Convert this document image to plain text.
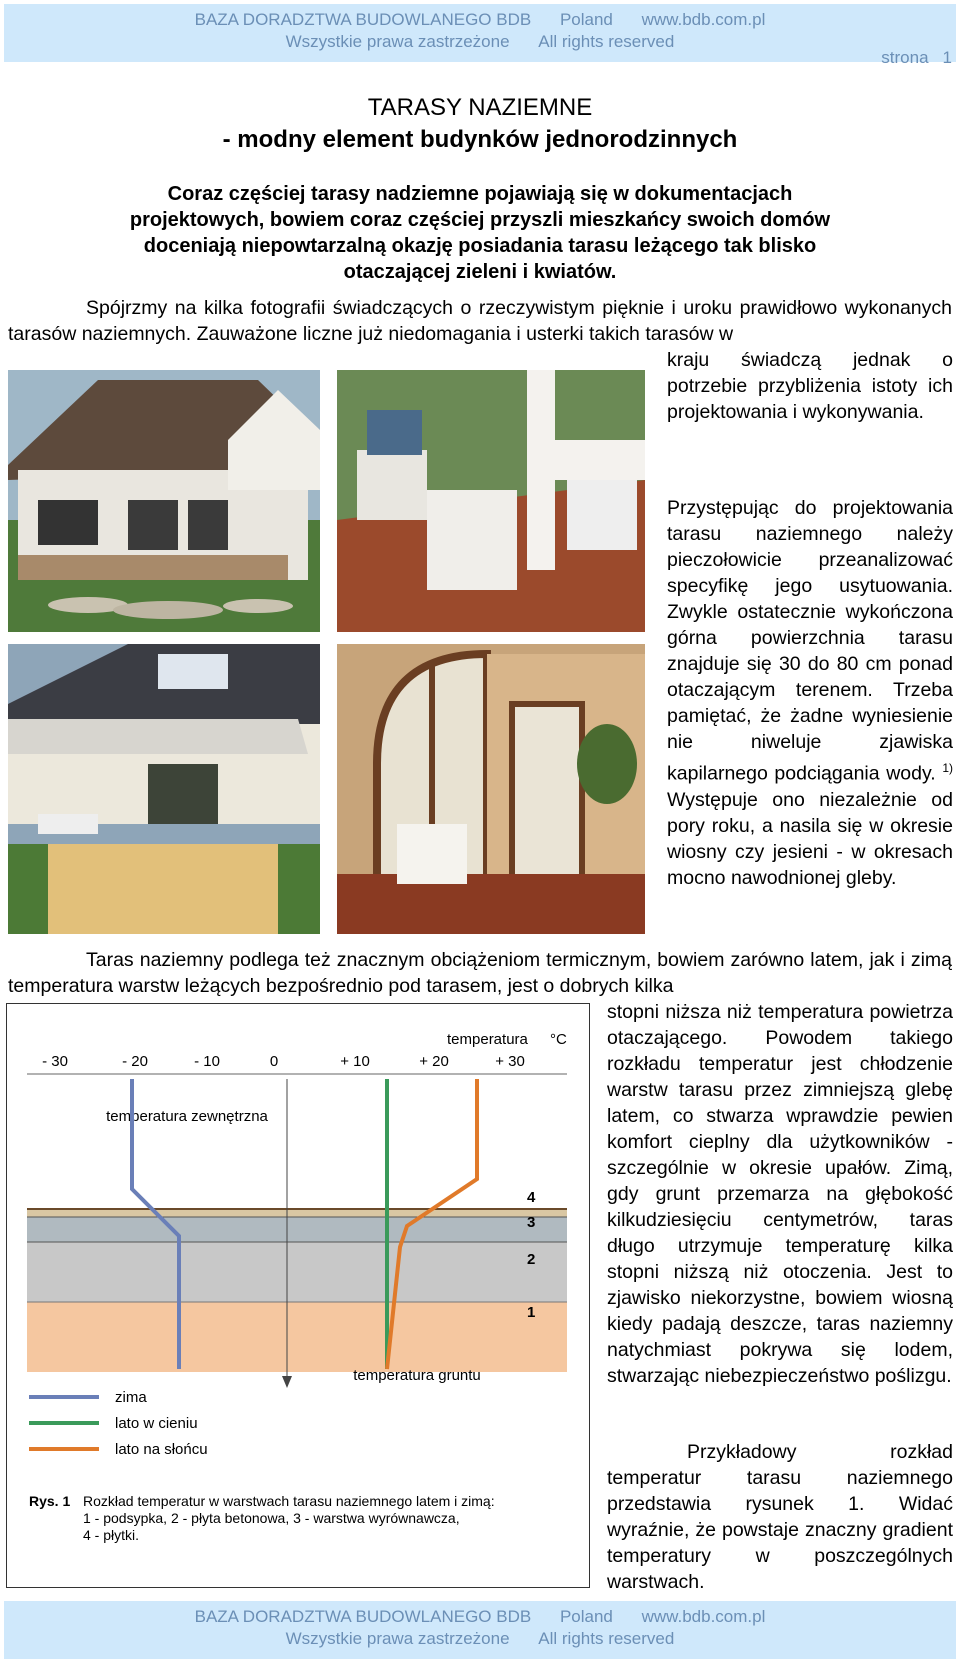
BAZA DORADZTWA BUDOWLANEGO BDB Poland www.bdb.com.pl
Wszystkie prawa zastrzeżone All rights reserved
strona 1
TARASY NAZIEMNE
- modny element budynków jednorodzinnych

Coraz częściej tarasy nadziemne pojawiają się w dokumentacjach projektowych, bowiem coraz częściej przyszli mieszkańcy swoich domów doceniają niepowtarzalną okazję posiadania tarasu leżącego tak blisko otaczającej zieleni i kwiatów.

Spójrzmy na kilka fotografii świadczących o rzeczywistym pięknie i uroku prawidłowo wykonanych tarasów naziemnych. Zauważone liczne już niedomagania i usterki takich tarasów w

kraju świadczą jednak o potrzebie przybliżenia istoty ich projektowania i wykonywania.

Przystępując do projektowania tarasu naziemnego należy pieczołowicie przeanalizować specyfikę jego usytuowania. Zwykle ostatecznie wykończona górna powierzchnia tarasu znajduje się 30 do 80 cm ponad otaczającym terenem. Trzeba pamiętać, że żadne wyniesienie nie niweluje zjawiska kapilarnego podciągania wody. $^{1)}$ Występuje ono niezależnie od pory roku, a nasila się w okresie wiosny czy jesieni - w okresach mocno nawodnionej gleby.

Taras naziemny podlega też znacznym obciążeniom termicznym, bowiem zarówno latem, jak i zimą temperatura warstw leżących bezpośrednio pod tarasem, jest o dobrych kilka

stopni niższa niż temperatura powietrza otaczającego. Powodem takiego rozkładu temperatur jest chłodzenie warstw tarasu przez zimniejszą glebę latem, co stwarza wprawdzie pewien komfort cieplny dla użytkowników - szczególnie w okresie upałów. Zimą, gdy grunt przemarza na głębokość kilkudziesięciu centymetrów, taras długo utrzymuje temperaturę kilka stopni niższą niż otoczenia. Jest to zjawisko niekorzystne, bowiem wiosną kiedy padają deszcze, taras naziemny natychmiast pokrywa się lodem, stwarzając niebezpieczeństwo poślizgu.

Przykładowy rozkład temperatur tarasu naziemnego przedstawia rysunek 1. Widać wyraźnie, że powstaje znaczny gradient temperatury w poszczególnych warstwach.

temperatura °C
- 30	- 20	- 10	0	+ 10	+ 20	+ 30
temperatura zewnętrzna
temperatura gruntu
4
3
2
1
zima
lato w cieniu
lato na słońcu
Rys. 1 Rozkład temperatur w warstwach tarasu naziemnego latem i zimą:
1 - podsypka, 2 - płyta betonowa, 3 - warstwa wyrównawcza,
4 - płytki.
BAZA DORADZTWA BUDOWLANEGO BDB Poland www.bdb.com.pl
Wszystkie prawa zastrzeżone All rights reserved
